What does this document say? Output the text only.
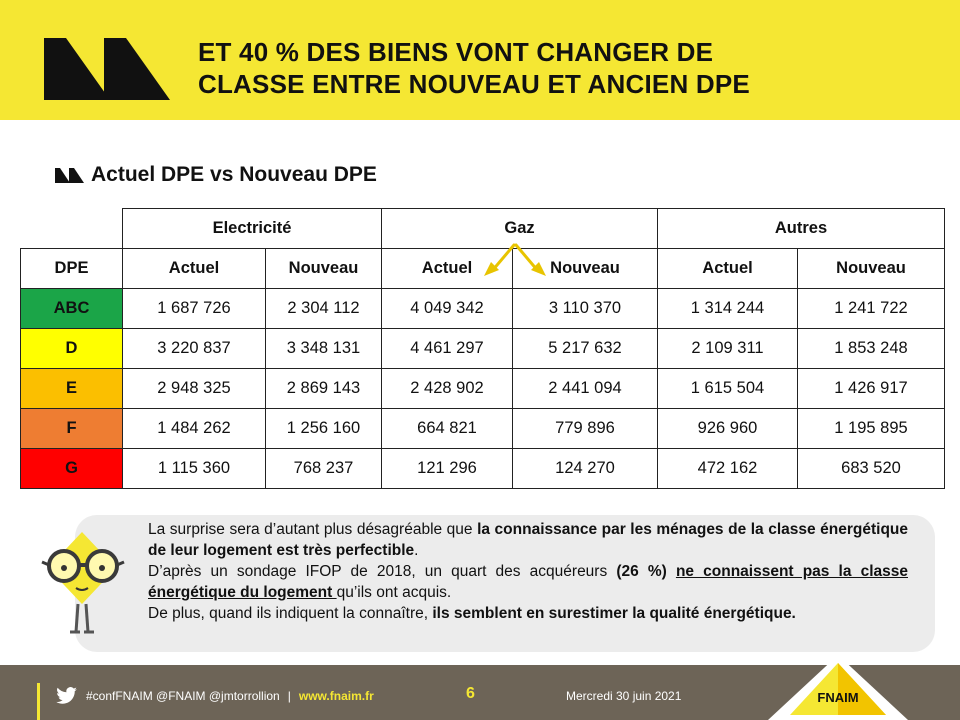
ET 40 % DES BIENS VONT CHANGER DE
CLASSE ENTRE NOUVEAU ET ANCIEN DPE
Actuel DPE vs Nouveau DPE
	Electricité		Gaz		Autres	
DPE	Actuel	Nouveau	Actuel	Nouveau	Actuel	Nouveau
ABC	1 687 726	2 304 112	4 049 342	3 110 370	1 314 244	1 241 722
D	3 220 837	3 348 131	4 461 297	5 217 632	2 109 311	1 853 248
E	2 948 325	2 869 143	2 428 902	2 441 094	1 615 504	1 426 917
F	1 484 262	1 256 160	664 821	779 896	926 960	1 195 895
G	1 115 360	768 237	121 296	124 270	472 162	683 520

La surprise sera d’autant plus désagréable que la connaissance par les ménages de la classe énergétique de leur logement est très perfectible.

D’après un sondage IFOP de 2018, un quart des acquéreurs (26 %) ne connaissent pas la classe énergétique du logement qu’ils ont acquis.

De plus, quand ils indiquent la connaître, ils semblent en surestimer la qualité énergétique.

#confFNAIM @FNAIM @jmtorrollion | www.fnaim.fr	6	Mercredi 30 juin 2021	FNAIM
